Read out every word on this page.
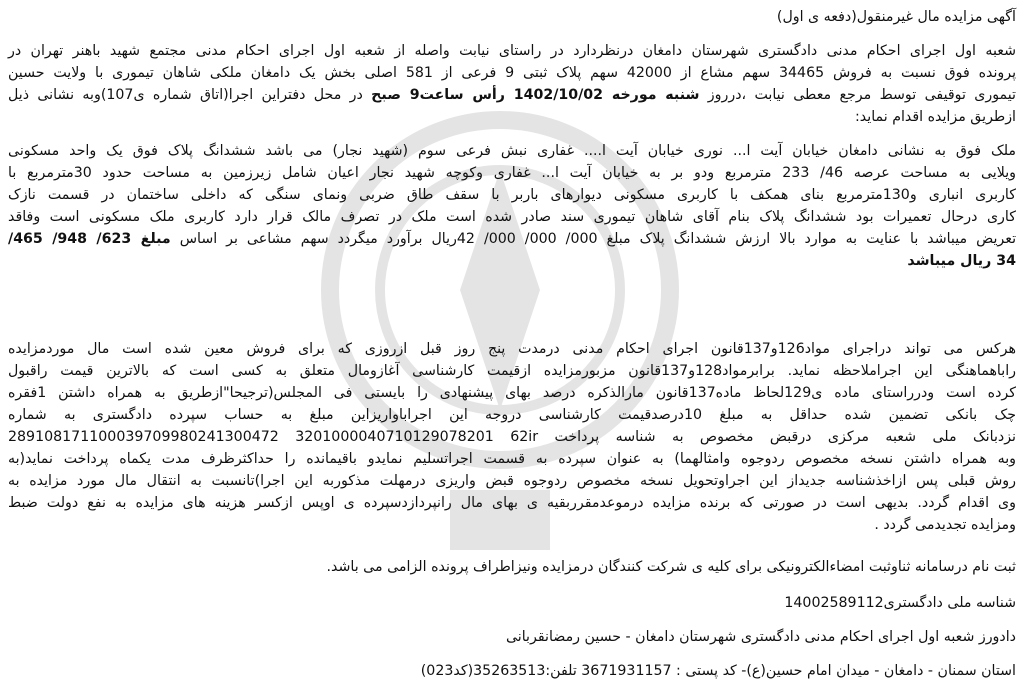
آگهی مزایده مال غیرمنقول(دفعه ی اول)
شعبه اول اجرای احکام مدنی دادگستری شهرستان دامغان درنظردارد در راستای نیابت واصله از شعبه اول اجرای احکام مدنی مجتمع شهید باهنر تهران در
پرونده فوق نسبت به فروش 34465 سهم مشاع از 42000 سهم پلاک ثبتی 9 فرعی از 581 اصلی بخش یک دامغان ملکی شاهان تیموری با ولایت حسین
تیموری توقیفی توسط مرجع معطی نیابت ،درروز شنبه مورخه 1402/10/02 رأس ساعت9 صبح در محل دفتراین اجرا(اتاق شماره ی107)وبه نشانی ذیل
ازطریق مزایده اقدام نماید:
ملک فوق به نشانی دامغان خیابان آیت ا... نوری خیابان آیت ا.... غفاری نبش فرعی سوم (شهید نجار) می باشد ششدانگ پلاک فوق یک واحد مسکونی
ویلایی به مساحت عرصه 46/ 233 مترمربع ودو بر به خیابان آیت ا... غفاری وکوچه شهید نجار اعیان شامل زیرزمین به مساحت حدود 30مترمربع با
کاربری انباری و130مترمربع بنای همکف با کاربری مسکونی دیوارهای باربر با سقف طاق ضربی ونمای سنگی که داخلی ساختمان در قسمت نازک
کاری درحال تعمیرات بود ششدانگ پلاک بنام آقای شاهان تیموری سند صادر شده است ملک در تصرف مالک قرار دارد کاربری ملک مسکونی است وفاقد
تعریض میباشد با عنایت به موارد بالا ارزش ششدانگ پلاک مبلغ 000/ 000/ 000/ 42ریال برآورد میگردد سهم مشاعی بر اساس مبلغ 623/ 948/ 465/
34 ریال میباشد
هرکس می تواند دراجرای مواد126و137قانون اجرای احکام مدنی درمدت پنج روز قبل ازروزی که برای فروش معین شده است مال موردمزایده
راباهماهنگی این اجراملاحظه نماید. برابرمواد128و137قانون مزبورمزایده ازقیمت کارشناسی آغازومال متعلق به کسی است که بالاترین قیمت راقبول
کرده است ودرراستای ماده ی129لحاظ ماده137قانون مارالذکره درصد بهای پیشنهادی را بایستی فی المجلس(ترجیحا"ازطریق به همراه داشتن 1فقره
چک بانکی تضمین شده حداقل به مبلغ 10درصدقیمت کارشناسی دروجه این اجراباواریزاین مبلغ به حساب سپرده دادگستری به شماره
نزدبانک ملی شعبه مرکزی درقبض مخصوص به شناسه پرداخت 289108171100039709980241300472 3201000040710129078201 62ir
وبه همراه داشتن نسخه مخصوص ردوجوه وامثالهما) به عنوان سپرده به قسمت اجراتسلیم نمایدو باقیمانده را حداکثرظرف مدت یکماه پرداخت نماید(به
روش قبلی پس ازاخذشناسه جدیداز این اجراوتحویل نسخه مخصوص ردوجوه قبض واریزی درمهلت مذکوربه این اجرا)تانسبت به انتقال مال مورد مزایده به
وی اقدام گردد. بدیهی است در صورتی که برنده مزایده درموعدمقرربقیه ی بهای مال رانپردازدسپرده ی اوپس ازکسر هزینه های مزایده به نفع دولت ضبط
ومزایده تجدیدمی گردد .
ثبت نام درسامانه ثناوثبت امضاءالکترونیکی برای کلیه ی شرکت کنندگان درمزایده ونیزاطراف پرونده الزامی می باشد.
شناسه ملی دادگستری14002589112
دادورز شعبه اول اجرای احکام مدنی دادگستری شهرستان دامغان - حسین رمضانقربانی
استان سمنان - دامغان - میدان امام حسین(ع)- کد پستی : 3671931157 تلفن:35263513(کد023)
